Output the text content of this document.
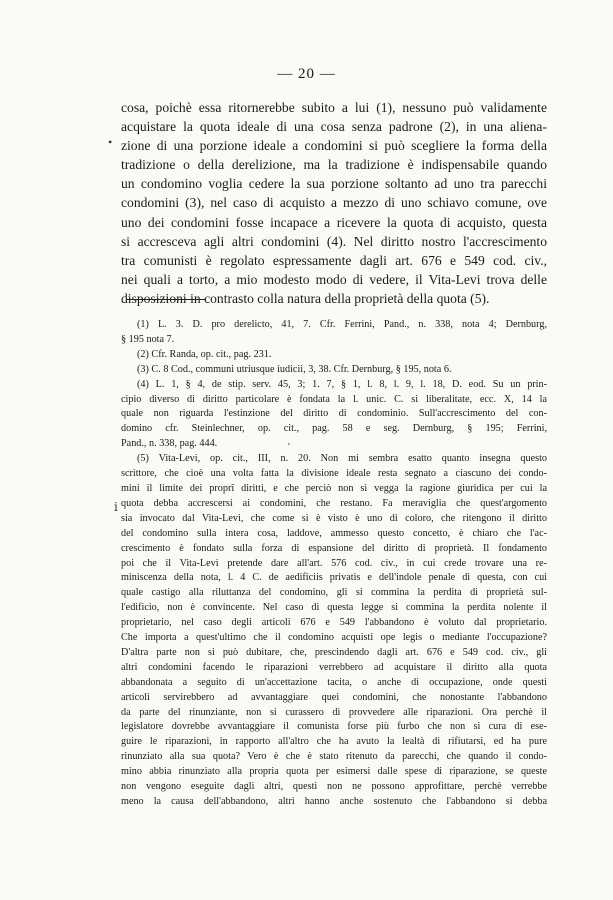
— 20 —
cosa, poichè essa ritornerebbe subito a lui (1), nessuno può validamente
acquistare la quota ideale di una cosa senza padrone (2), in una aliena-
zione di una porzione ideale a condomini si può scegliere la forma della
tradizione o della derelizione, ma la tradizione è indispensabile quando
un condomino voglia cedere la sua porzione soltanto ad uno tra parecchi
condomini (3), nel caso di acquisto a mezzo di uno schiavo comune, ove
uno dei condomini fosse incapace a ricevere la quota di acquisto, questa
si accresceva agli altri condomini (4). Nel diritto nostro l'accrescimento
tra comunisti è regolato espressamente dagli art. 676 e 549 cod. civ.,
nei quali a torto, a mio modesto modo di vedere, il Vita-Levi trova delle
disposizioni in contrasto colla natura della proprietà della quota (5).
(1) L. 3. D. pro derelicto, 41, 7. Cfr. Ferrini, Pand., n. 338, nota 4; Dernburg,
§ 195 nota 7.
(2) Cfr. Randa, op. cit., pag. 231.
(3) C. 8 Cod., communi utriusque iudicii, 3, 38. Cfr. Dernburg, § 195, nota 6.
(4) L. 1, § 4, de stip. serv. 45, 3; 1. 7, § 1, l. 8, l. 9, l. 18, D. eod. Su un prin-
cipio diverso di diritto particolare è fondata la l. unic. C. si liberalitate, ecc. X, 14 la
quale non riguarda l'estinzione del diritto di condominio. Sull'accrescimento del con-
domino cfr. Steinlechner, op. cit., pag. 58 e seg. Dernburg, § 195; Ferrini,
Pand., n. 338, pag. 444.
(5) Vita-Levi, op. cit., III, n. 20. Non mi sembra esatto quanto insegna questo
scrittore, che cioè una volta fatta la divisione ideale resta segnato a ciascuno dei condo-
mini il limite dei proprî diritti, e che perciò non si vegga la ragione giuridica per cui la
quota debba accrescersi ai condomini, che restano. Fa meraviglia che quest'argomento
sia invocato dal Vita-Levi, che come si è visto è uno di coloro, che ritengono il diritto
del condomino sulla intera cosa, laddove, ammesso questo concetto, è chiaro che l'ac-
crescimento è fondato sulla forza di espansione del diritto di proprietà. Il fondamento
poi che il Vita-Levi pretende dare all'art. 576 cod. civ., in cui crede trovare una re-
miniscenza della nota, l. 4 C. de aedificiis privatis e dell'indole penale di questa, con cui
quale castigo alla riluttanza del condomino, gli si commina la perdita di proprietà sul-
l'edificio, non è convincente. Nel caso di questa legge si commina la perdita nolente il
proprietario, nel caso degli articoli 676 e 549 l'abbandono è voluto dal proprietario.
Che importa a quest'ultimo che il condomino acquisti ope legis o mediante l'occupazione?
D'altra parte non si può dubitare, che, prescindendo dagli art. 676 e 549 cod. civ., gli
altri condomini facendo le riparazioni verrebbero ad acquistare il diritto alla quota
abbandonata a seguito di un'accettazione tacita, o anche di occupazione, onde questi
articoli servirebbero ad avvantaggiare quei condomini, che nonostante l'abbandono
da parte del rinunziante, non si curassero di provvedere alle riparazioni. Ora perchè il
legislatore dovrebbe avvantaggiare il comunista forse più furbo che non si cura di ese-
guire le riparazioni, in rapporto all'altro che ha avuto la lealtà di rifiutarsi, ed ha pure
rinunziato alla sua quota? Vero è che è stato ritenuto da parecchi, che quando il condo-
mino abbia rinunziato alla propria quota per esimersi dalle spese di riparazione, se queste
non vengono eseguite dagli altri, questi non ne possono approfittare, perchè verrebbe
meno la causa dell'abbandono, altri hanno anche sostenuto che l'abbandono si debba
•
ⅰ
'
